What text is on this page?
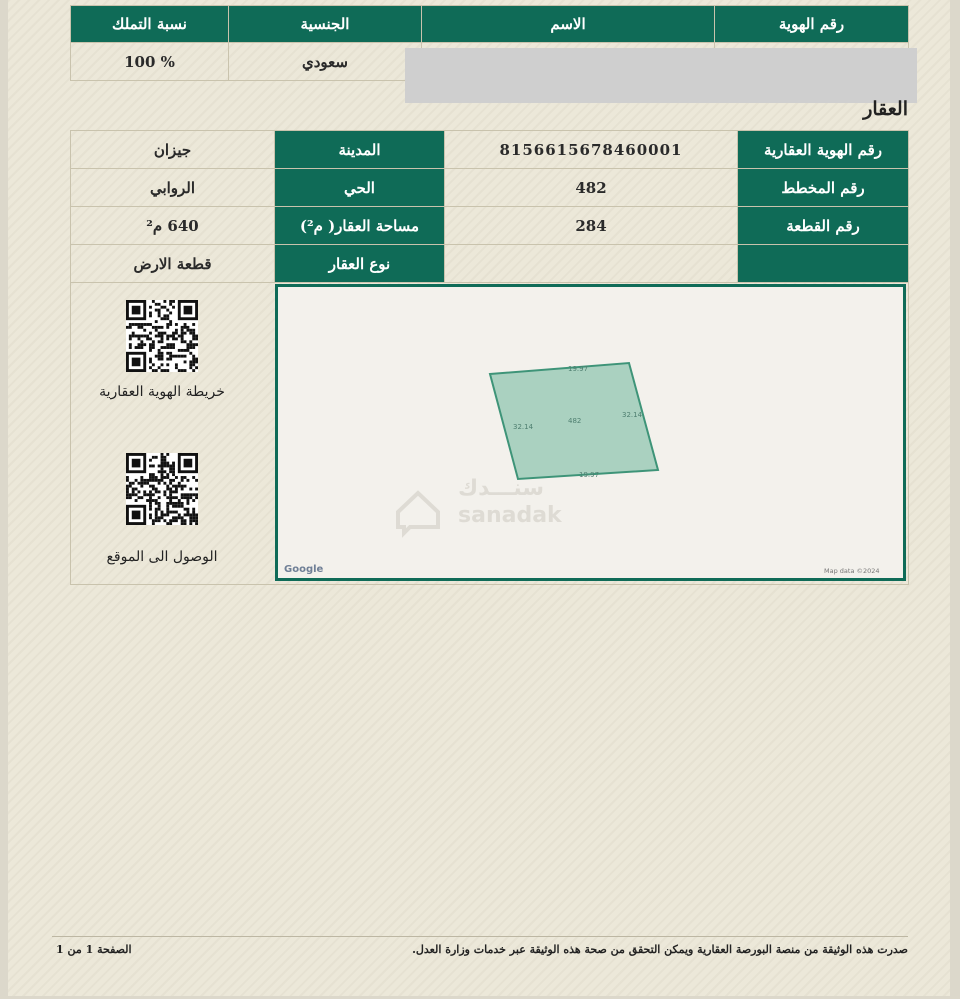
نسبة التملك	الجنسية	الاسم	رقم الهوية
100 %	سعودي		
العقار
جيزان	المدينة	8156615678460001	رقم الهوية العقارية
الروابي	الحي	482	رقم المخطط
640 م²	مساحة العقار( م²)	284	رقم القطعة
قطعة الارض	نوع العقار		

19.97
19.97
32.14
32.14
482
سنـــدك
sanadak
Google	Map data ©2024
خريطة الهوية العقارية
الوصول الى الموقع
الصفحة 1 من 1	صدرت هذه الوثيقة من منصة البورصة العقارية ويمكن التحقق من صحة هذه الوثيقة عبر خدمات وزارة العدل.
